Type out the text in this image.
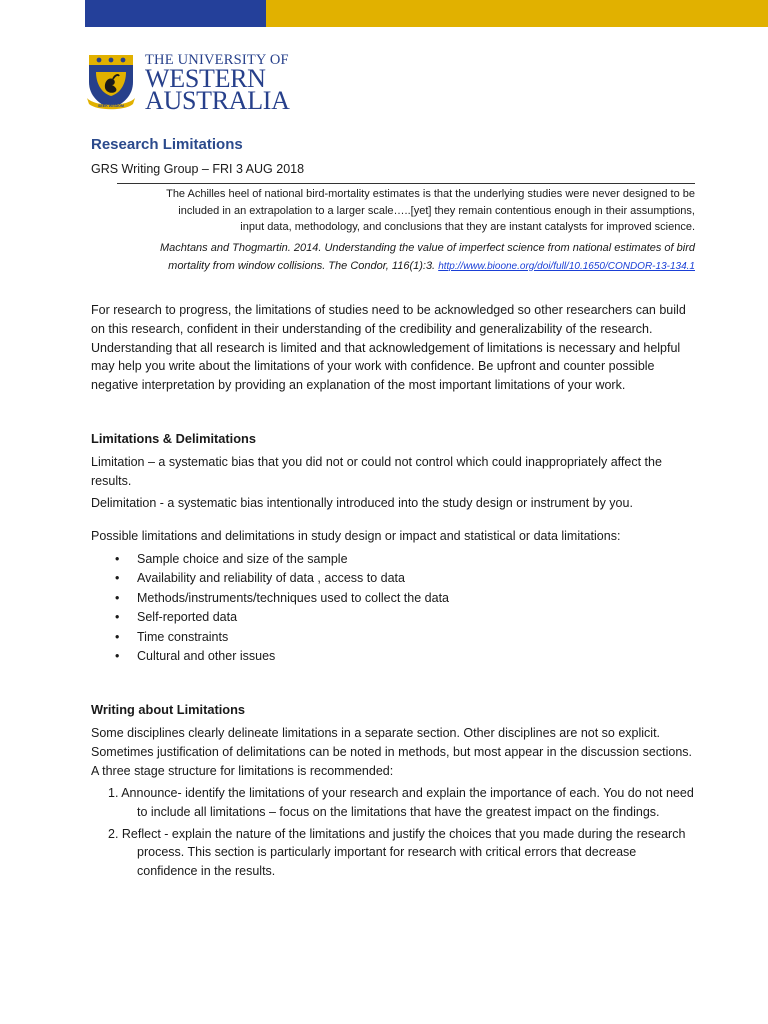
SEEK WISDOM
THE UNIVERSITY OF
WESTERN
AUSTRALIA
Research Limitations
GRS Writing Group – FRI 3 AUG 2018
The Achilles heel of national bird-mortality estimates is that the underlying studies were never designed to be
included in an extrapolation to a larger scale…..[yet] they remain contentious enough in their assumptions,
input data, methodology, and conclusions that they are instant catalysts for improved science.
Machtans and Thogmartin. 2014. Understanding the value of imperfect science from national estimates of bird
mortality from window collisions. The Condor, 116(1):3. http://www.bioone.org/doi/full/10.1650/CONDOR-13-134.1
For research to progress, the limitations of studies need to be acknowledged so other researchers can build on this research, confident in their understanding of the credibility and generalizability of the research. Understanding that all research is limited and that acknowledgement of limitations is necessary and helpful may help you write about the limitations of your work with confidence. Be upfront and counter possible negative interpretation by providing an explanation of the most important limitations of your work.
Limitations & Delimitations
Limitation – a systematic bias that you did not or could not control which could inappropriately affect the results.
Delimitation - a systematic bias intentionally introduced into the study design or instrument by you.
Possible limitations and delimitations in study design or impact and statistical or data limitations:
• Sample choice and size of the sample
• Availability and reliability of data , access to data
• Methods/instruments/techniques used to collect the data
• Self-reported data
• Time constraints
• Cultural and other issues
Writing about Limitations
Some disciplines clearly delineate limitations in a separate section. Other disciplines are not so explicit. Sometimes justification of delimitations can be noted in methods, but most appear in the discussion sections. A three stage structure for limitations is recommended:
1. Announce- identify the limitations of your research and explain the importance of each. You do not need to include all limitations – focus on the limitations that have the greatest impact on the findings.
2. Reflect - explain the nature of the limitations and justify the choices that you made during the research process. This section is particularly important for research with critical errors that decrease confidence in the results.
